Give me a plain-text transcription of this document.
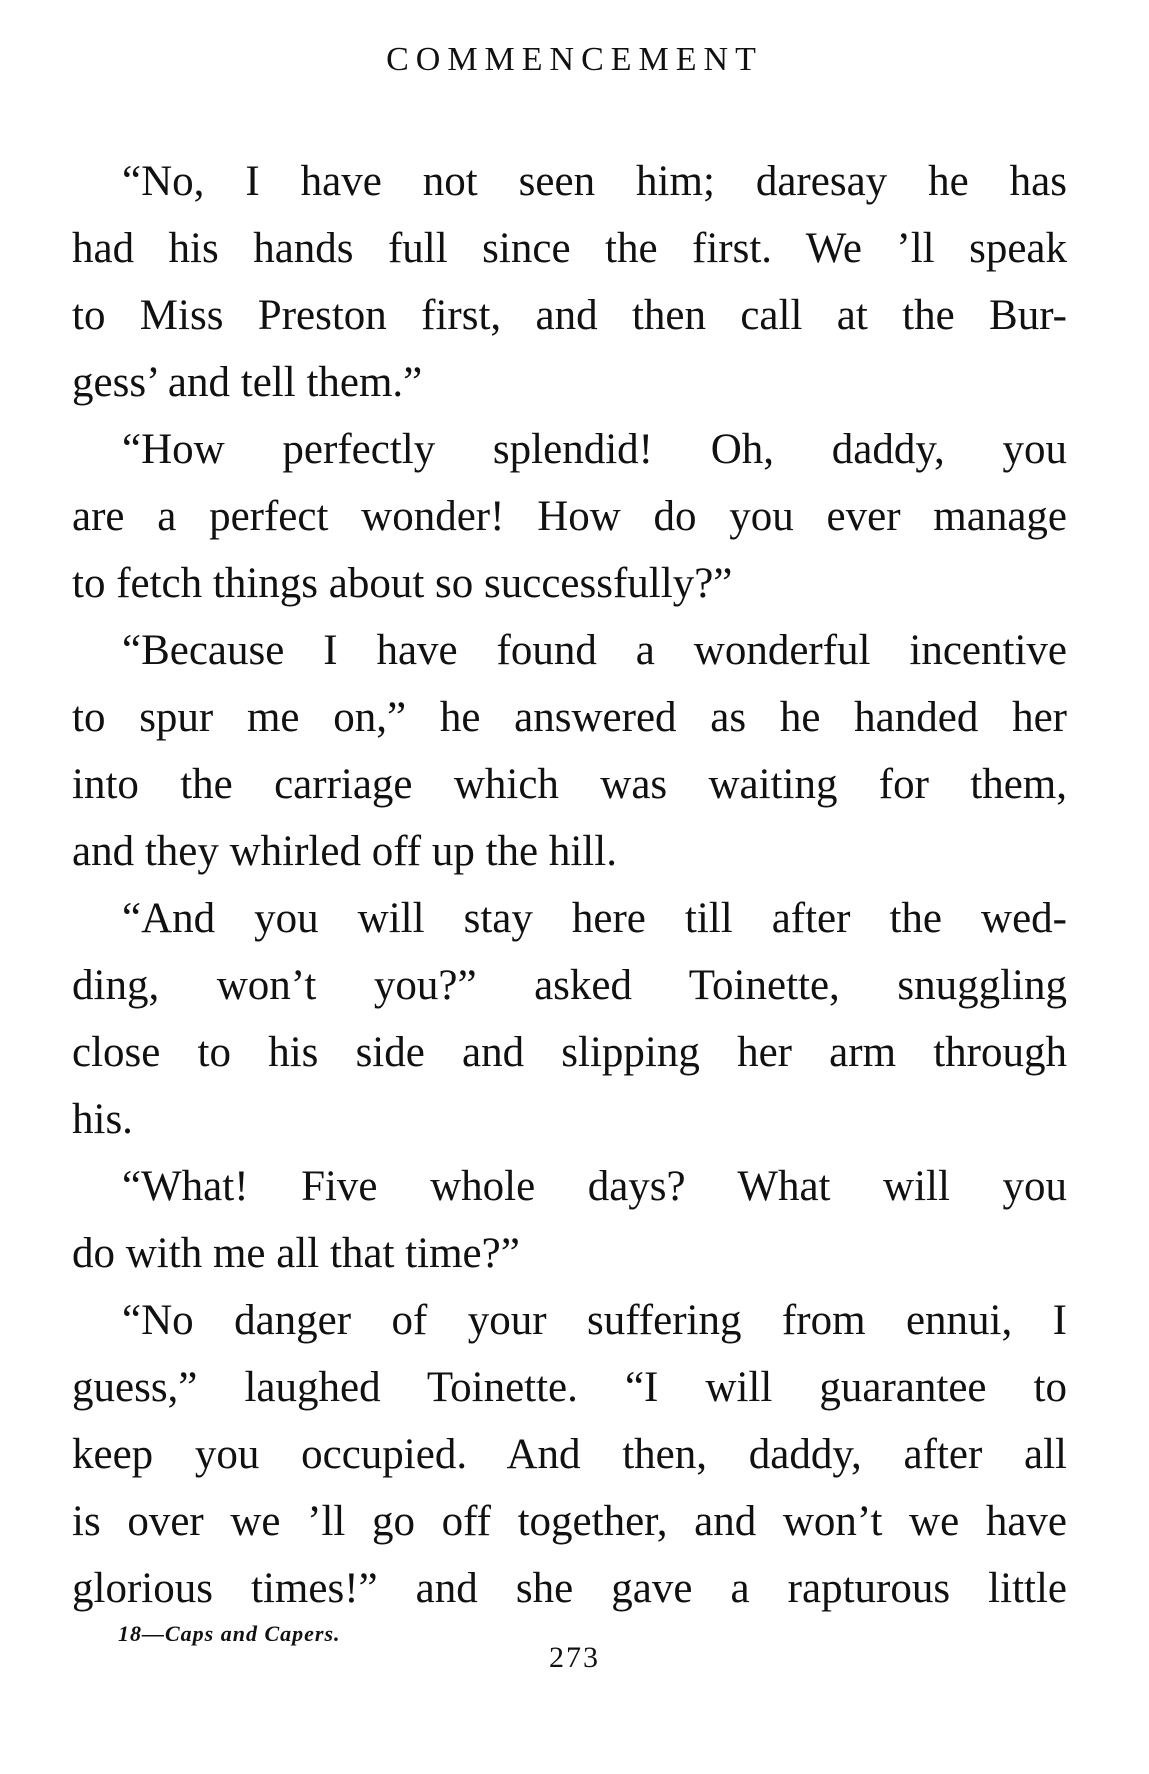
COMMENCEMENT
“No, I have not seen him; daresay he has
had his hands full since the first. We ’ll speak
to Miss Preston first, and then call at the Bur-
gess’ and tell them.”
“How perfectly splendid! Oh, daddy, you
are a perfect wonder! How do you ever manage
to fetch things about so successfully?”
“Because I have found a wonderful incentive
to spur me on,” he answered as he handed her
into the carriage which was waiting for them,
and they whirled off up the hill.
“And you will stay here till after the wed-
ding, won’t you?” asked Toinette, snuggling
close to his side and slipping her arm through
his.
“What! Five whole days? What will you
do with me all that time?”
“No danger of your suffering from ennui, I
guess,” laughed Toinette. “I will guarantee to
keep you occupied. And then, daddy, after all
is over we ’ll go off together, and won’t we have
glorious times!” and she gave a rapturous little
18—Caps and Capers.
273
